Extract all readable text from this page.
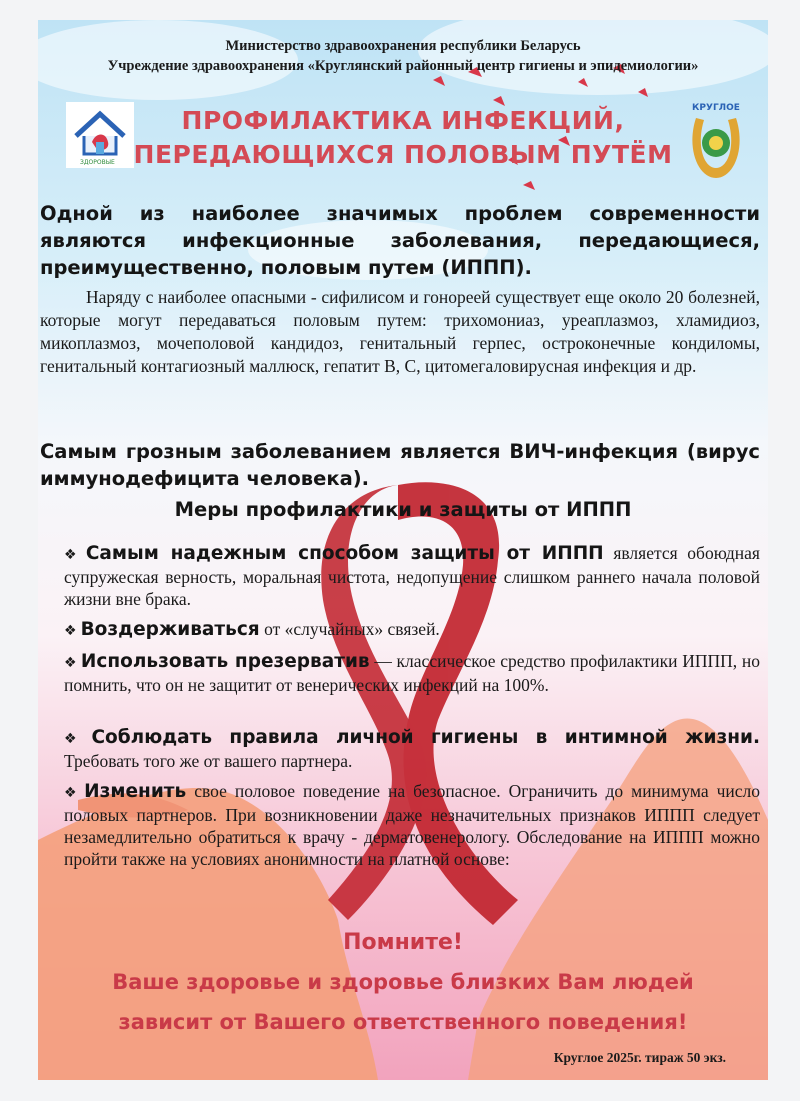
Министерство здравоохранения республики Беларусь
Учреждение здравоохранения «Круглянский районный центр гигиены и эпидемиологии»
ЗДОРОВЫЕ
КРУГЛОЕ
ПРОФИЛАКТИКА ИНФЕКЦИЙ,
ПЕРЕДАЮЩИХСЯ ПОЛОВЫМ ПУТЁМ
Одной из наиболее значимых проблем современности являются инфекционные заболевания, передающиеся, преимущественно, половым путем (ИППП).
Наряду с наиболее опасными - сифилисом и гонореей существует еще около 20 болезней, которые могут передаваться половым путем: трихомониаз, уреаплазмоз, хламидиоз, микоплазмоз, мочеполовой кандидоз, генитальный герпес, остроконечные кондиломы, генитальный контагиозный маллюск, гепатит В, С, цитомегаловирусная инфекция и др.
Самым грозным заболеванием является ВИЧ-инфекция (вирус иммунодефицита человека).
Меры профилактики и защиты от ИППП
❖ Самым надежным способом защиты от ИППП является обоюдная супружеская верность, моральная чистота, недопущение слишком раннего начала половой жизни вне брака.
❖ Воздерживаться от «случайных» связей.
❖ Использовать презерватив — классическое средство профилактики ИППП, но помнить, что он не защитит от венерических инфекций на 100%.
❖ Соблюдать правила личной гигиены в интимной жизни. Требовать того же от вашего партнера.
❖ Изменить свое половое поведение на безопасное. Ограничить до минимума число половых партнеров. При возникновении даже незначительных признаков ИППП следует незамедлительно обратиться к врачу - дерматовенерологу. Обследование на ИППП можно пройти также на условиях анонимности на платной основе:
Помните!
Ваше здоровье и здоровье близких Вам людей
зависит от Вашего ответственного поведения!
Круглое 2025г. тираж 50 экз.
